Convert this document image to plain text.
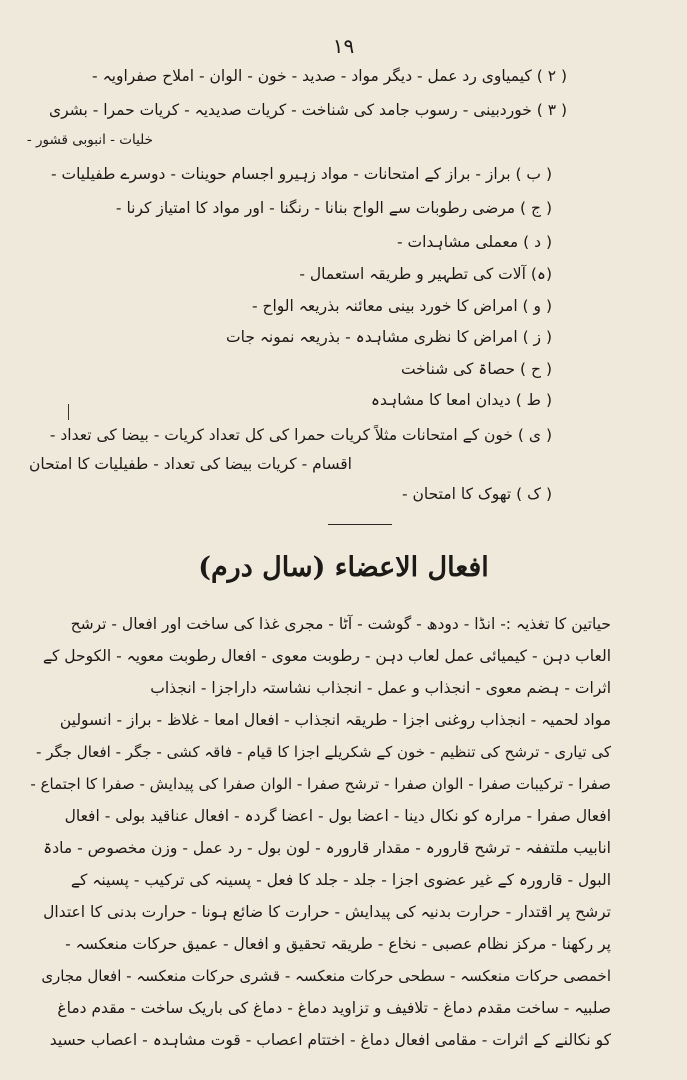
۱۹
( ۲ ) کیمیاوی رد عمل - دیگر مواد - صدید - خون - الوان - املاح صفراویہ -
( ۳ ) خوردبینی - رسوب جامد کی شناخت - کریات صدیدیہ - کریات حمرا - بشری
خلیات - انبوبی قشور -
( ب ) براز - براز کے امتحانات - مواد زہیرو اجسام حوینات - دوسرے طفیلیات -
( ج ) مرضی رطوبات سے الواح بنانا - رنگنا - اور مواد کا امتیاز کرنا -
( د ) معملی مشاہدات -
(ہ) آلات کی تطہیر و طریقہ استعمال -
( و ) امراض کا خورد بینی معائنہ بذریعہ الواح -
( ز ) امراض کا نظری مشاہدہ - بذریعہ نمونہ جات
( ح ) حصاۃ کی شناخت
( ط ) دیدان امعا کا مشاہدہ
( ی ) خون کے امتحانات مثلاً کریات حمرا کی کل تعداد کریات - بیضا کی تعداد -
اقسام - کریات بیضا کی تعداد - طفیلیات کا امتحان
( ک ) تھوک کا امتحان -
افعال الاعضاء (سال درم)
حیاتین کا تغذیہ :- انڈا - دودھ - گوشت - آٹا - مجری غذا کی ساخت اور افعال - ترشح
العاب دہن - کیمیائی عمل لعاب دہن - رطوبت معوی - افعال رطوبت معویہ - الکوحل کے
اثرات - ہضم معوی - انجذاب و عمل - انجذاب نشاستہ داراجزا - انجذاب
مواد لحمیہ - انجذاب روغنی اجزا - طریقہ انجذاب - افعال امعا - غلاظ - براز - انسولین
کی تیاری - ترشح کی تنظیم - خون کے شکریلے اجزا کا قیام - فاقہ کشی - جگر - افعال جگر -
صفرا - ترکیبات صفرا - الوان صفرا - ترشح صفرا - الوان صفرا کی پیدایش - صفرا کا اجتماع -
افعال صفرا - مرارہ کو نکال دینا - اعضا بول - اعضا گردہ - افعال عناقید بولی - افعال
انابیب ملتففہ - ترشح قارورہ - مقدار قارورہ - لون بول - رد عمل - وزن مخصوص - مادۃ
البول - قارورہ کے غیر عضوی اجزا - جلد - جلد کا فعل - پسینہ کی ترکیب - پسینہ کے
ترشح پر اقتدار - حرارت بدنیہ کی پیدایش - حرارت کا ضائع ہونا - حرارت بدنی کا اعتدال
پر رکھنا - مرکز نظام عصبی - نخاع - طریقہ تحقیق و افعال - عمیق حرکات منعکسہ -
اخمصی حرکات منعکسہ - سطحی حرکات منعکسہ - قشری حرکات منعکسہ - افعال مجاری
صلبیہ - ساخت مقدم دماغ - تلافیف و تزاوید دماغ - دماغ کی باریک ساخت - مقدم دماغ
کو نکالنے کے اثرات - مقامی افعال دماغ - اختتام اعصاب - قوت مشاہدہ - اعصاب حسید
